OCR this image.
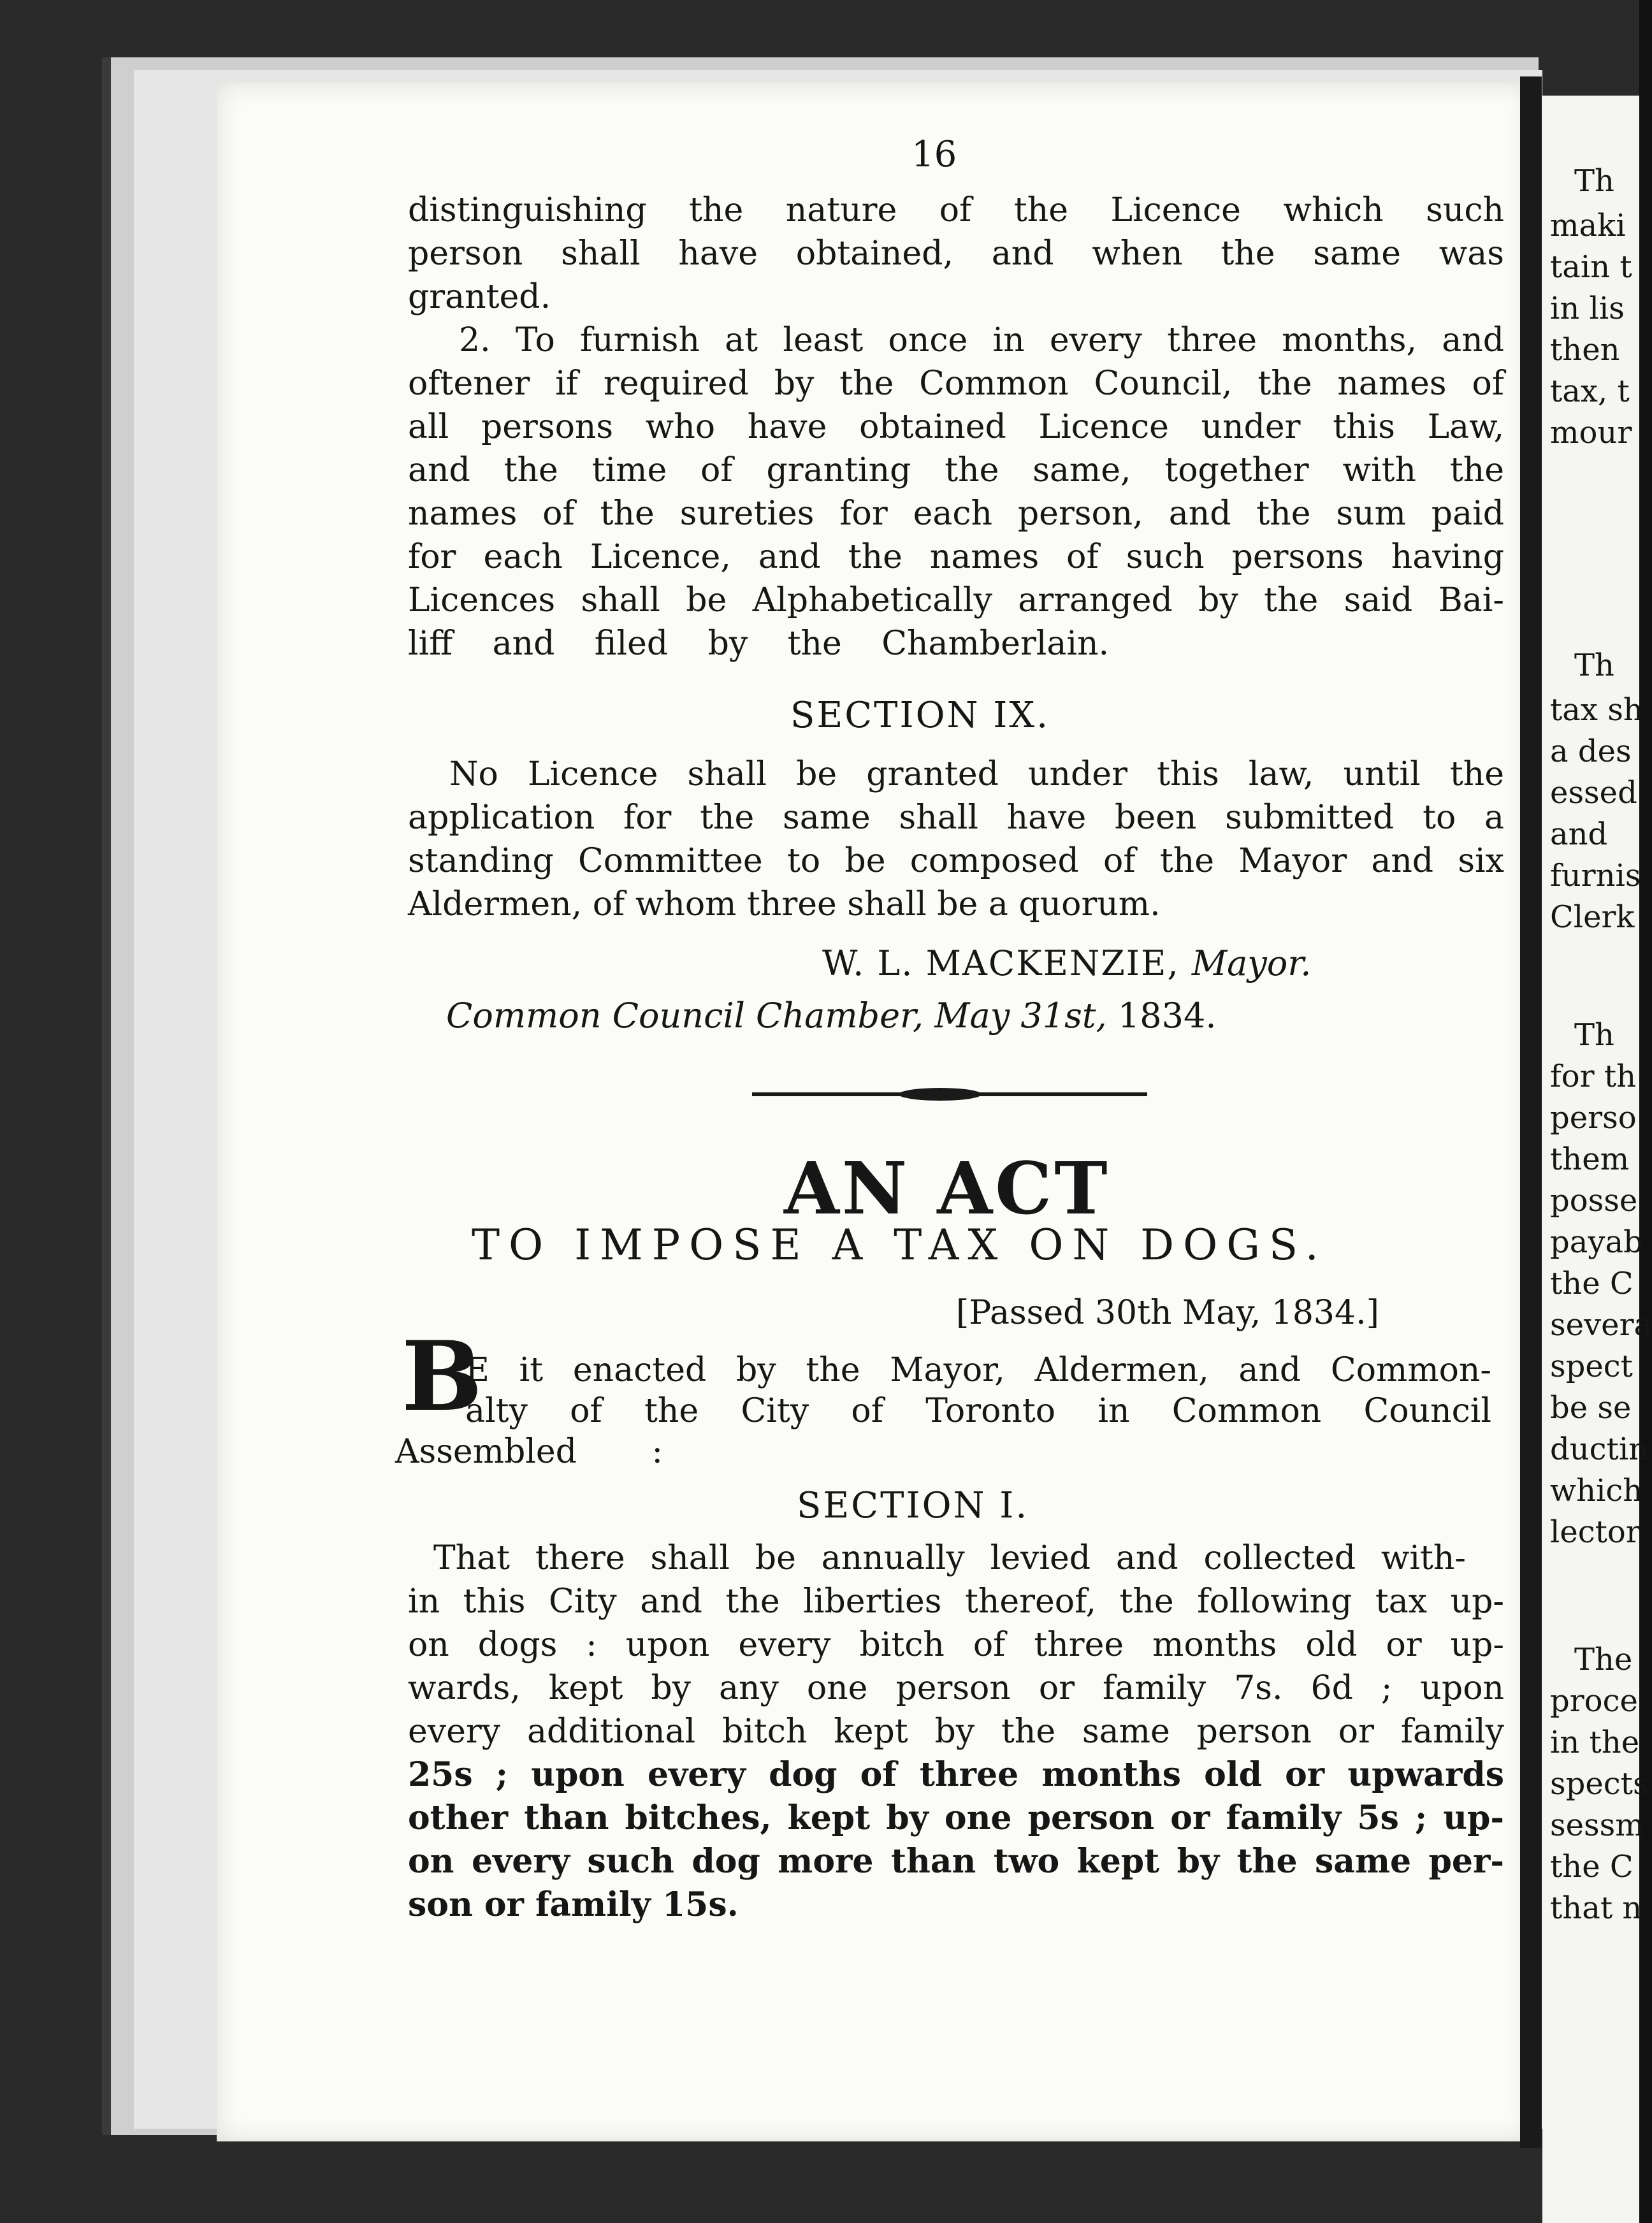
Th
maki
tain t
in lis
then
tax, t
mour
Th
tax sh
a des
essed
and
furnis
Clerk
Th
for th
perso
them
posse
payab
the C
severa
spect
be se
ductin
which
lector
The
proce
in the
spects
sessm
the C
that n
16
distinguishing the nature of the Licence which such
person shall have obtained, and when the same was
granted.
2. To furnish at least once in every three months, and
oftener if required by the Common Council, the names of
all persons who have obtained Licence under this Law,
and the time of granting the same, together with the
names of the sureties for each person, and the sum paid
for each Licence, and the names of such persons having
Licences shall be Alphabetically arranged by the said Bai-
liff and filed by the Chamberlain.
No Licence shall be granted under this law, until the
application for the same shall have been submitted to a
standing Committee to be composed of the Mayor and six
Aldermen, of whom three shall be a quorum.
That there shall be annually levied and collected with-
in this City and the liberties thereof, the following tax up-
on dogs : upon every bitch of three months old or up-
wards, kept by any one person or family 7s. 6d ; upon
every additional bitch kept by the same person or family
25s ; upon every dog of three months old or upwards
other than bitches, kept by one person or family 5s ; up-
on every such dog more than two kept by the same per-
son or family 15s.
SECTION IX.
W. L. MACKENZIE, Mayor.
Common Council Chamber, May 31st, 1834.
AN ACT
TO IMPOSE A TAX ON DOGS.
[Passed 30th May, 1834.]
B
E it enacted by the Mayor, Aldermen, and Common-
alty of the City of Toronto in Common Council
Assembled :
SECTION I.
